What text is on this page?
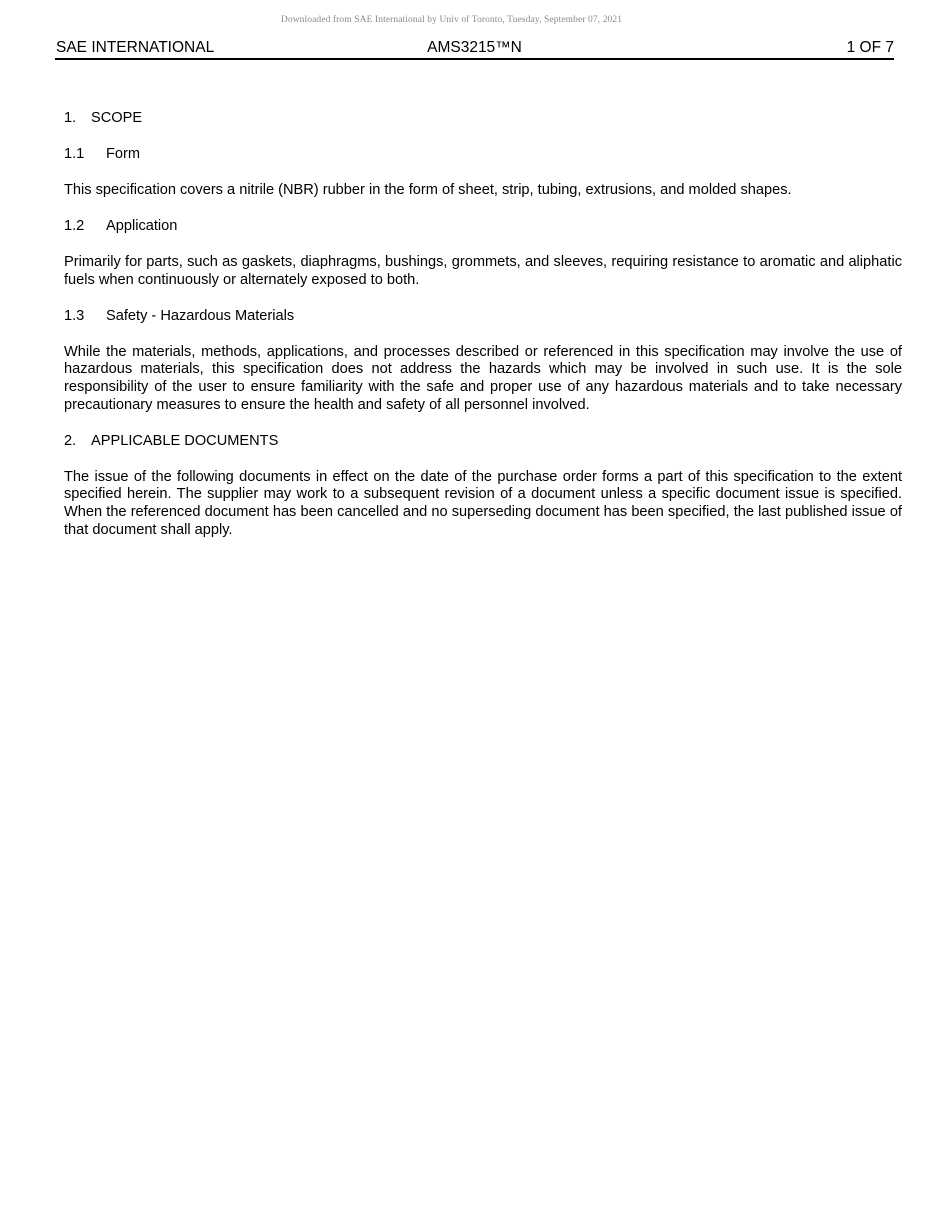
Downloaded from SAE International by Univ of Toronto, Tuesday, September 07, 2021
SAE INTERNATIONAL	AMS3215™N	1 OF 7
1.	SCOPE
1.1	Form

This specification covers a nitrile (NBR) rubber in the form of sheet, strip, tubing, extrusions, and molded shapes.

1.2	Application

Primarily for parts, such as gaskets, diaphragms, bushings, grommets, and sleeves, requiring resistance to aromatic and aliphatic fuels when continuously or alternately exposed to both.

1.3	Safety - Hazardous Materials

While the materials, methods, applications, and processes described or referenced in this specification may involve the use of hazardous materials, this specification does not address the hazards which may be involved in such use. It is the sole responsibility of the user to ensure familiarity with the safe and proper use of any hazardous materials and to take necessary precautionary measures to ensure the health and safety of all personnel involved.

2.	APPLICABLE DOCUMENTS

The issue of the following documents in effect on the date of the purchase order forms a part of this specification to the extent specified herein. The supplier may work to a subsequent revision of a document unless a specific document issue is specified. When the referenced document has been cancelled and no superseding document has been specified, the last published issue of that document shall apply.
